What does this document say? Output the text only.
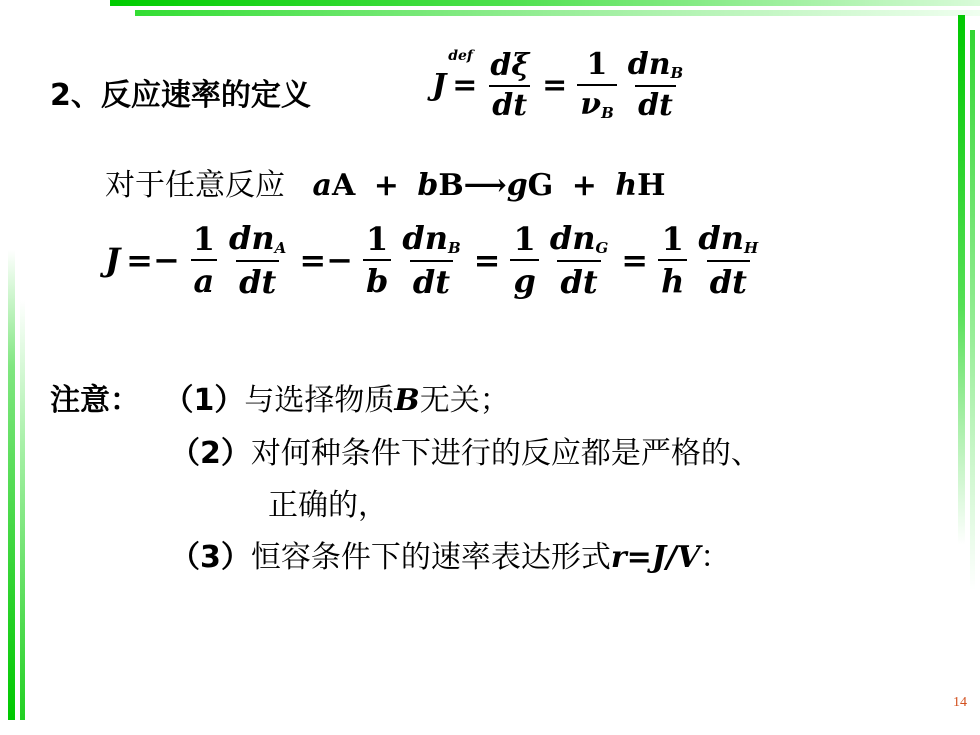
2、反应速率的定义	J =
def $\frac{d\xi}{dt} = \frac{1}{\nu_B} \frac{dn_B}{dt}$
对于任意反应 aA + bB⟶gG + hH
$J =- \frac{1}{a} \frac{dn_A}{dt} =- \frac{1}{b} \frac{dn_B}{dt} = \frac{1}{g} \frac{dn_G}{dt} = \frac{1}{h} \frac{dn_H}{dt}$
注意： （1）与选择物质B无关；
（2）对何种条件下进行的反应都是严格的、
正确的，
（3）恒容条件下的速率表达形式r=J/V：
14
